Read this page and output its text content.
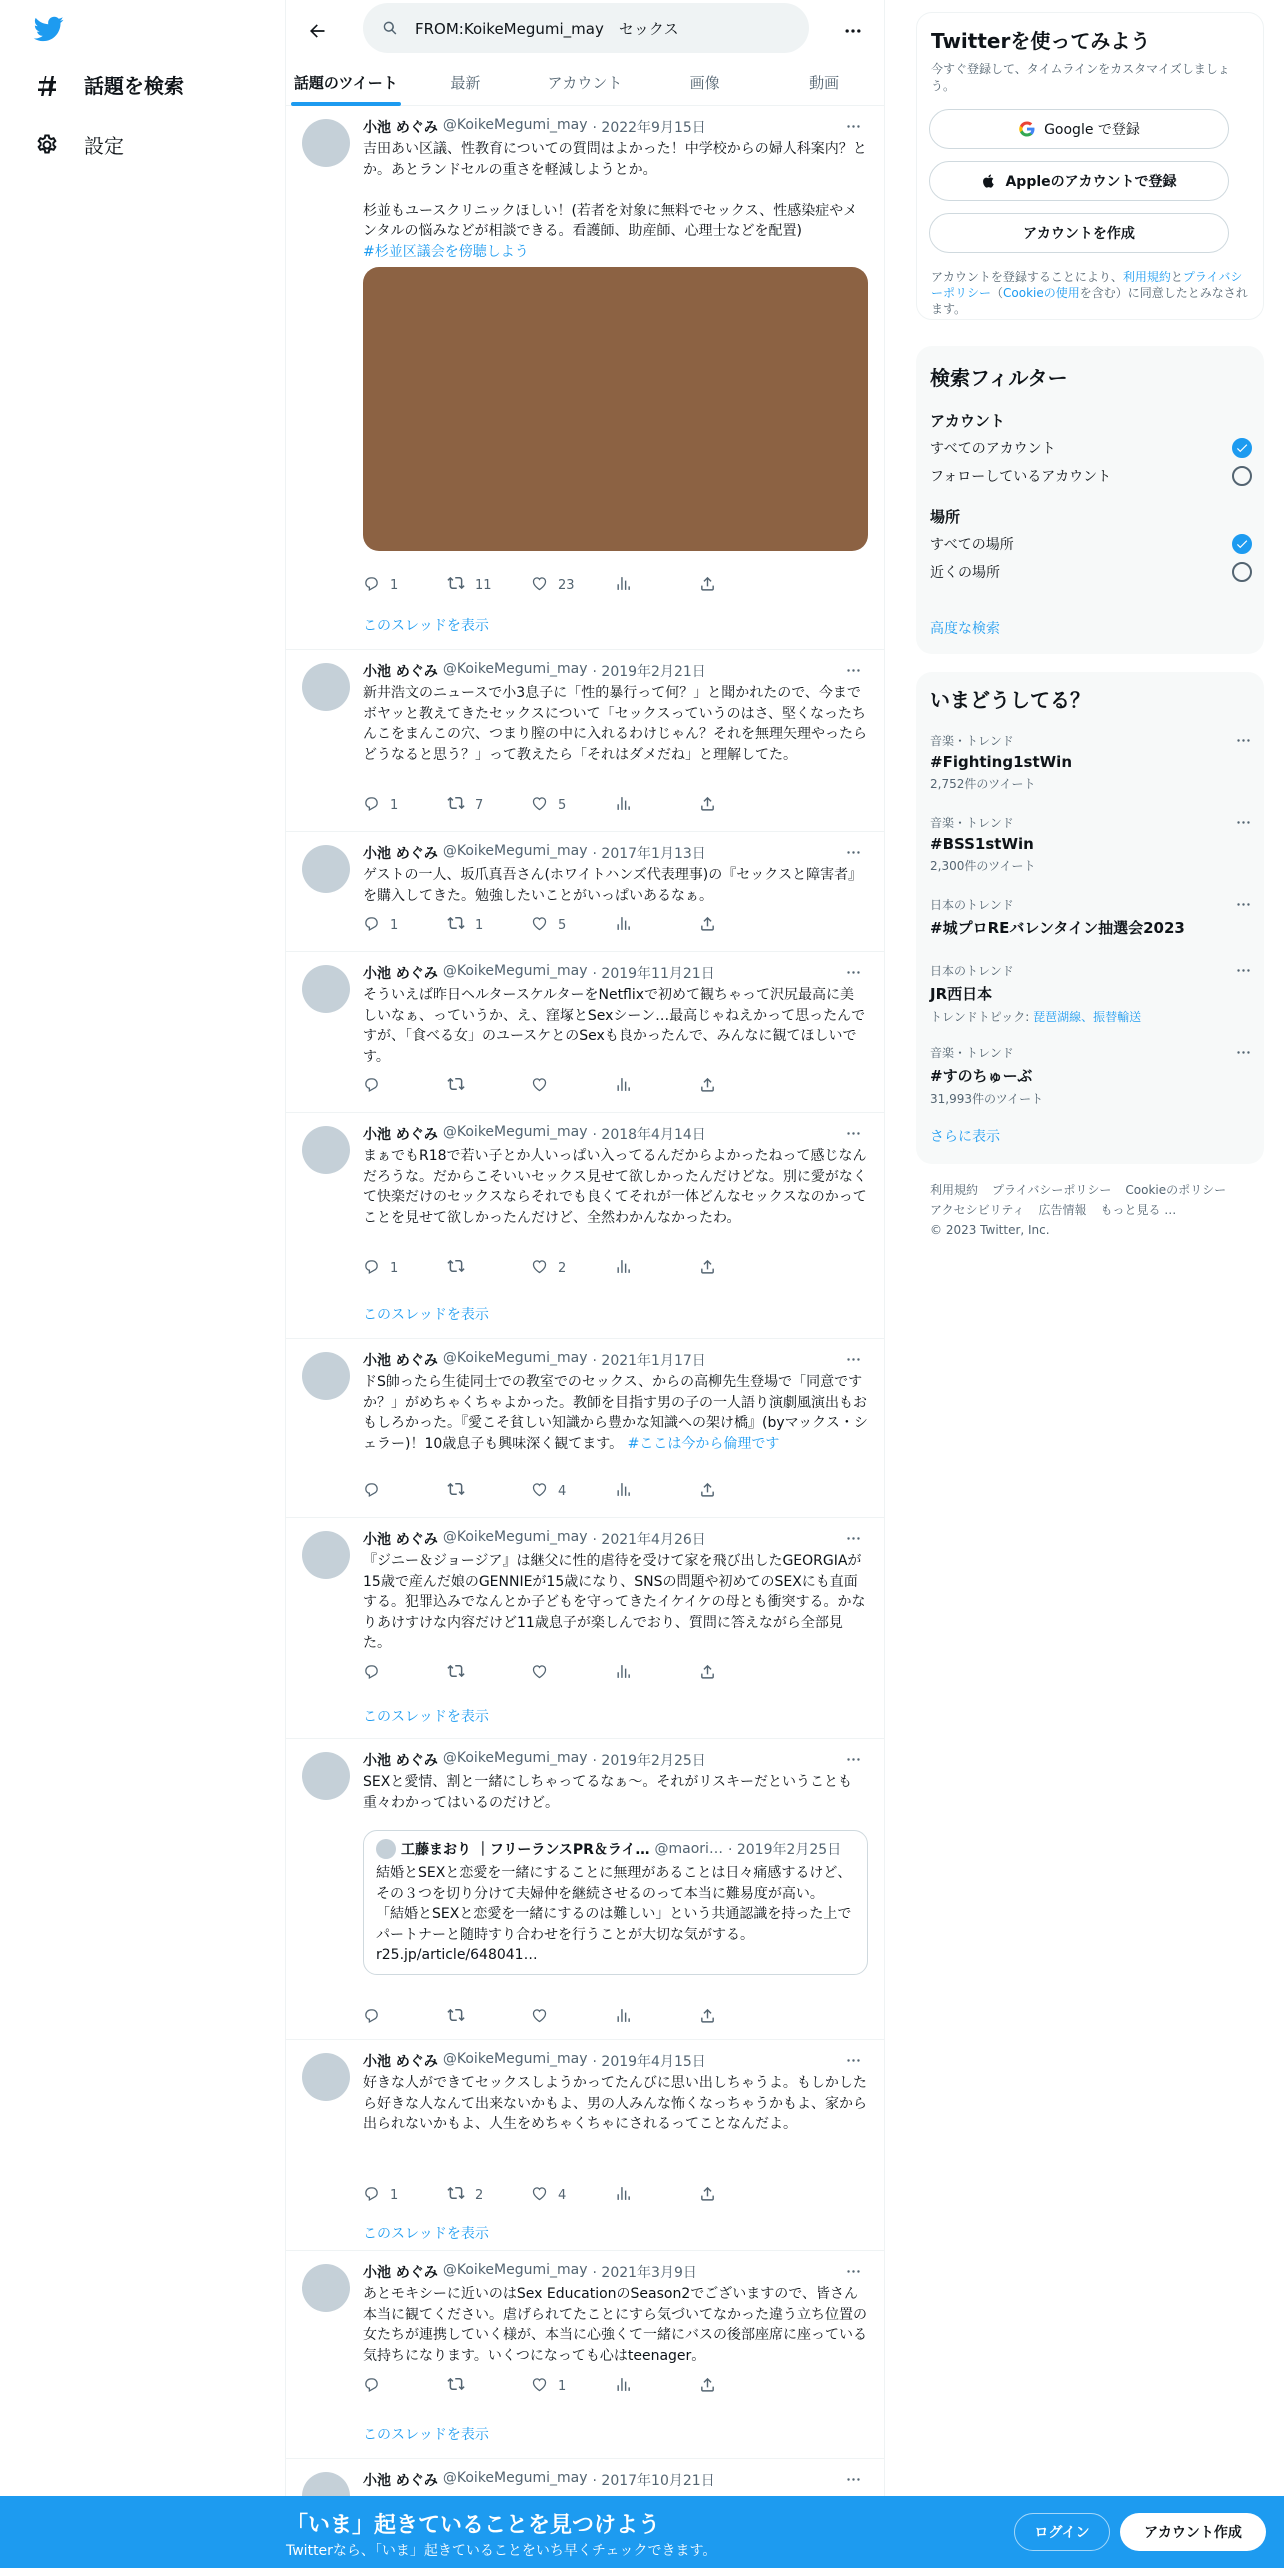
話題を検索
設定
FROM:KoikeMegumi_may　セックス
話題のツイート	最新	アカウント	画像	動画
小池 めぐみ @KoikeMegumi_may · 2022年9月15日
吉田あい区議、性教育についての質問はよかった！中学校からの婦人科案内？とか。あとランドセルの重さを軽減しようとか。

杉並もユースクリニックほしい！(若者を対象に無料でセックス、性感染症やメンタルの悩みなどが相談できる。看護師、助産師、心理士などを配置)
#杉並区議会を傍聴しよう
1	11	23
このスレッドを表示
小池 めぐみ @KoikeMegumi_may · 2019年2月21日
新井浩文のニュースで小3息子に「性的暴行って何？」と聞かれたので、今までボヤッと教えてきたセックスについて「セックスっていうのはさ、堅くなったちんこをまんこの穴、つまり膣の中に入れるわけじゃん？それを無理矢理やったらどうなると思う？」って教えたら「それはダメだね」と理解してた。
1	7	5
小池 めぐみ @KoikeMegumi_may · 2017年1月13日
ゲストの一人、坂爪真吾さん(ホワイトハンズ代表理事)の『セックスと障害者』を購入してきた。勉強したいことがいっぱいあるなぁ。
1	1	5
小池 めぐみ @KoikeMegumi_may · 2019年11月21日
そういえば昨日ヘルタースケルターをNetflixで初めて観ちゃって沢尻最高に美しいなぁ、っていうか、え、窪塚とSexシーン…最高じゃねえかって思ったんですが、「食べる女」のユースケとのSexも良かったんで、みんなに観てほしいです。
小池 めぐみ @KoikeMegumi_may · 2018年4月14日
まぁでもR18で若い子とか人いっぱい入ってるんだからよかったねって感じなんだろうな。だからこそいいセックス見せて欲しかったんだけどな。別に愛がなくて快楽だけのセックスならそれでも良くてそれが一体どんなセックスなのかってことを見せて欲しかったんだけど、全然わかんなかったわ。
1	2
このスレッドを表示
小池 めぐみ @KoikeMegumi_may · 2021年1月17日
ドS帥ったら生徒同士での教室でのセックス、からの高柳先生登場で「同意ですか？」がめちゃくちゃよかった。教師を目指す男の子の一人語り演劇風演出もおもしろかった。『愛こそ貧しい知識から豊かな知識への架け橋』(byマックス・シェラー)！10歳息子も興味深く観てます。 #ここは今から倫理です
4
小池 めぐみ @KoikeMegumi_may · 2021年4月26日
『ジニー＆ジョージア』は継父に性的虐待を受けて家を飛び出したGEORGIAが15歳で産んだ娘のGENNIEが15歳になり、SNSの問題や初めてのSEXにも直面する。犯罪込みでなんとか子どもを守ってきたイケイケの母とも衝突する。かなりあけすけな内容だけど11歳息子が楽しんでおり、質問に答えながら全部見た。
このスレッドを表示
小池 めぐみ @KoikeMegumi_may · 2019年2月25日
SEXと愛情、割と一緒にしちゃってるなぁ〜。それがリスキーだということも重々わかってはいるのだけど。
工藤まおり ｜フリーランスPR＆ライ… @maori… · 2019年2月25日
結婚とSEXと恋愛を一緒にすることに無理があることは日々痛感するけど、その３つを切り分けて夫婦仲を継続させるのって本当に難易度が高い。
「結婚とSEXと恋愛を一緒にするのは難しい」という共通認識を持った上でパートナーと随時すり合わせを行うことが大切な気がする。
r25.jp/article/648041…
小池 めぐみ @KoikeMegumi_may · 2019年4月15日
好きな人ができてセックスしようかってたんびに思い出しちゃうよ。もしかしたら好きな人なんて出来ないかもよ、男の人みんな怖くなっちゃうかもよ、家から出られないかもよ、人生をめちゃくちゃにされるってことなんだよ。
1	2	4
このスレッドを表示
小池 めぐみ @KoikeMegumi_may · 2021年3月9日
あとモキシーに近いのはSex EducationのSeason2でございますので、皆さん本当に観てください。虐げられてたことにすら気づいてなかった違う立ち位置の女たちが連携していく様が、本当に心強くて一緒にバスの後部座席に座っている気持ちになります。いくつになっても心はteenager。
1
このスレッドを表示
小池 めぐみ @KoikeMegumi_may · 2017年10月21日
Twitterを使ってみよう
今すぐ登録して、タイムラインをカスタマイズしましょう。
Google で登録
Appleのアカウントで登録
アカウントを作成
アカウントを登録することにより、利用規約とプライバシーポリシー（Cookieの使用を含む）に同意したとみなされます。
検索フィルター
アカウント
すべてのアカウント
フォローしているアカウント
場所
すべての場所
近くの場所
高度な検索
いまどうしてる？
音楽・トレンド
#Fighting1stWin
2,752件のツイート
音楽・トレンド
#BSS1stWin
2,300件のツイート
日本のトレンド
#城プロREバレンタイン抽選会2023
日本のトレンド
JR西日本
トレンドトピック: 琵琶湖線、振替輸送
音楽・トレンド
#すのちゅーぶ
31,993件のツイート
さらに表示
利用規約 プライバシーポリシー Cookieのポリシー
アクセシビリティ 広告情報 もっと見る …
© 2023 Twitter, Inc.
「いま」起きていることを見つけよう
Twitterなら、「いま」起きていることをいち早くチェックできます。
ログイン	アカウント作成
